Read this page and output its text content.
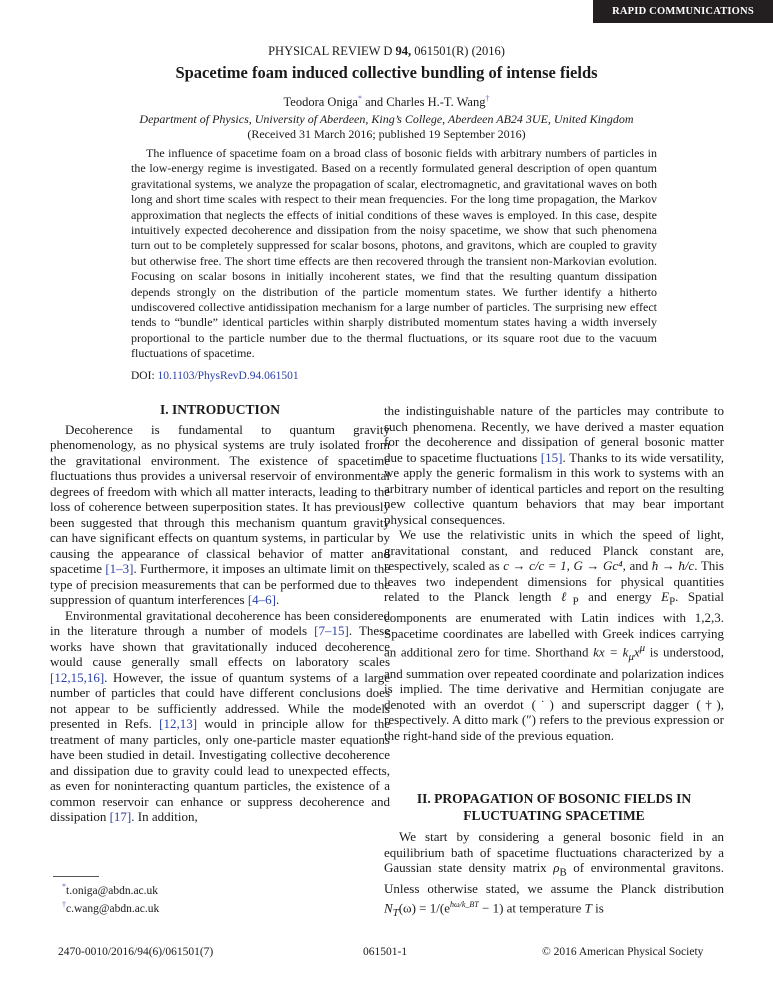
RAPID COMMUNICATIONS
PHYSICAL REVIEW D 94, 061501(R) (2016)
Spacetime foam induced collective bundling of intense fields
Teodora Oniga* and Charles H.-T. Wang†
Department of Physics, University of Aberdeen, King’s College, Aberdeen AB24 3UE, United Kingdom
(Received 31 March 2016; published 19 September 2016)

The influence of spacetime foam on a broad class of bosonic fields with arbitrary numbers of particles in the low-energy regime is investigated. Based on a recently formulated general description of open quantum gravitational systems, we analyze the propagation of scalar, electromagnetic, and gravitational waves on both long and short time scales with respect to their mean frequencies. For the long time propagation, the Markov approximation that neglects the effects of initial conditions of these waves is employed. In this case, despite intuitively expected decoherence and dissipation from the noisy spacetime, we show that such phenomena turn out to be completely suppressed for scalar bosons, photons, and gravitons, which are coupled to gravity but otherwise free. The short time effects are then recovered through the transient non-Markovian evolution. Focusing on scalar bosons in initially incoherent states, we find that the resulting quantum dissipation depends strongly on the distribution of the particle momentum states. We further identify a hitherto undiscovered collective antidissipation mechanism for a large number of particles. The surprising new effect tends to “bundle” identical particles within sharply distributed momentum states having a width inversely proportional to the particle number due to the thermal fluctuations, or its square root due to the vacuum fluctuations of spacetime.

DOI: 10.1103/PhysRevD.94.061501
I. INTRODUCTION

Decoherence is fundamental to quantum gravity phenomenology, as no physical systems are truly isolated from the gravitational environment. The existence of spacetime fluctuations thus provides a universal reservoir of environmental degrees of freedom with which all matter interacts, leading to the loss of coherence between superposition states. It has previously been suggested that through this mechanism quantum gravity can have significant effects on quantum systems, in particular by causing the appearance of classical behavior of matter and spacetime [1–3]. Furthermore, it imposes an ultimate limit on the type of precision measurements that can be performed due to the suppression of quantum interferences [4–6].

Environmental gravitational decoherence has been considered in the literature through a number of models [7–15]. These works have shown that gravitationally induced decoherence would cause generally small effects on laboratory scales [12,15,16]. However, the issue of quantum systems of a large number of particles that could have different conclusions does not appear to be sufficiently addressed. While the models presented in Refs. [12,13] would in principle allow for the treatment of many particles, only one-particle master equations have been studied in detail. Investigating collective decoherence and dissipation due to gravity could lead to unexpected effects, as even for noninteracting quantum particles, the existence of a common reservoir can enhance or suppress decoherence and dissipation [17]. In addition,

the indistinguishable nature of the particles may contribute to such phenomena. Recently, we have derived a master equation for the decoherence and dissipation of general bosonic matter due to spacetime fluctuations [15]. Thanks to its wide versatility, we apply the generic formalism in this work to systems with an arbitrary number of identical particles and report on the resulting new collective quantum behaviors that may bear important physical consequences.

We use the relativistic units in which the speed of light, gravitational constant, and reduced Planck constant are, respectively, scaled as c → c/c = 1, G → Gc⁴, and ħ → ħ/c. This leaves two independent dimensions for physical quantities related to the Planck length ℓ$_P$ and energy $E_P$. Spatial components are enumerated with Latin indices with 1,2,3. Spacetime coordinates are labelled with Greek indices carrying an additional zero for time. Shorthand kx = $k_\mu x^\mu$ is understood, and summation over repeated coordinate and polarization indices is implied. The time derivative and Hermitian conjugate are denoted with an overdot (˙) and superscript dagger (†), respectively. A ditto mark (″) refers to the previous expression or the right-hand side of the previous equation.

II. PROPAGATION OF BOSONIC FIELDS IN
FLUCTUATING SPACETIME

We start by considering a general bosonic field in an equilibrium bath of spacetime fluctuations characterized by a Gaussian state density matrix $\rho_B$ of environmental gravitons. Unless otherwise stated, we assume the Planck distribution $N_T(\omega) = 1/(e^{ħ\omega/k\_BT} - 1)$ at temperature T is

*t.oniga@abdn.ac.uk
†c.wang@abdn.ac.uk
2470-0010/2016/94(6)/061501(7)	061501-1	© 2016 American Physical Society
